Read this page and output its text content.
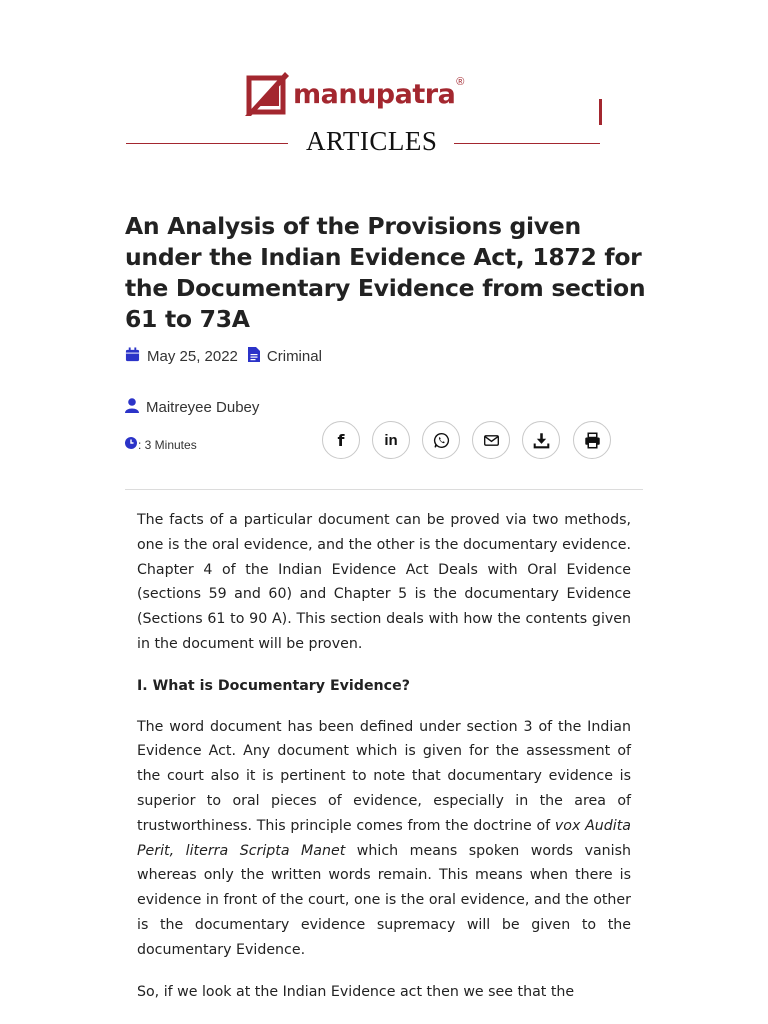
manupatra ®
ARTICLES
An Analysis of the Provisions given under the Indian Evidence Act, 1872 for the Documentary Evidence from section 61 to 73A
May 25, 2022 Criminal
Maitreyee Dubey
: 3 Minutes	f	in

The facts of a particular document can be proved via two methods, one is the oral evidence, and the other is the documentary evidence. Chapter 4 of the Indian Evidence Act Deals with Oral Evidence (sections 59 and 60) and Chapter 5 is the documentary Evidence (Sections 61 to 90 A). This section deals with how the contents given in the document will be proven.

I. What is Documentary Evidence?

The word document has been defined under section 3 of the Indian Evidence Act. Any document which is given for the assessment of the court also it is pertinent to note that documentary evidence is superior to oral pieces of evidence, especially in the area of trustworthiness. This principle comes from the doctrine of vox Audita Perit, literra Scripta Manet which means spoken words vanish whereas only the written words remain. This means when there is evidence in front of the court, one is the oral evidence, and the other is the documentary evidence supremacy will be given to the documentary Evidence.

So, if we look at the Indian Evidence act then we see that the
